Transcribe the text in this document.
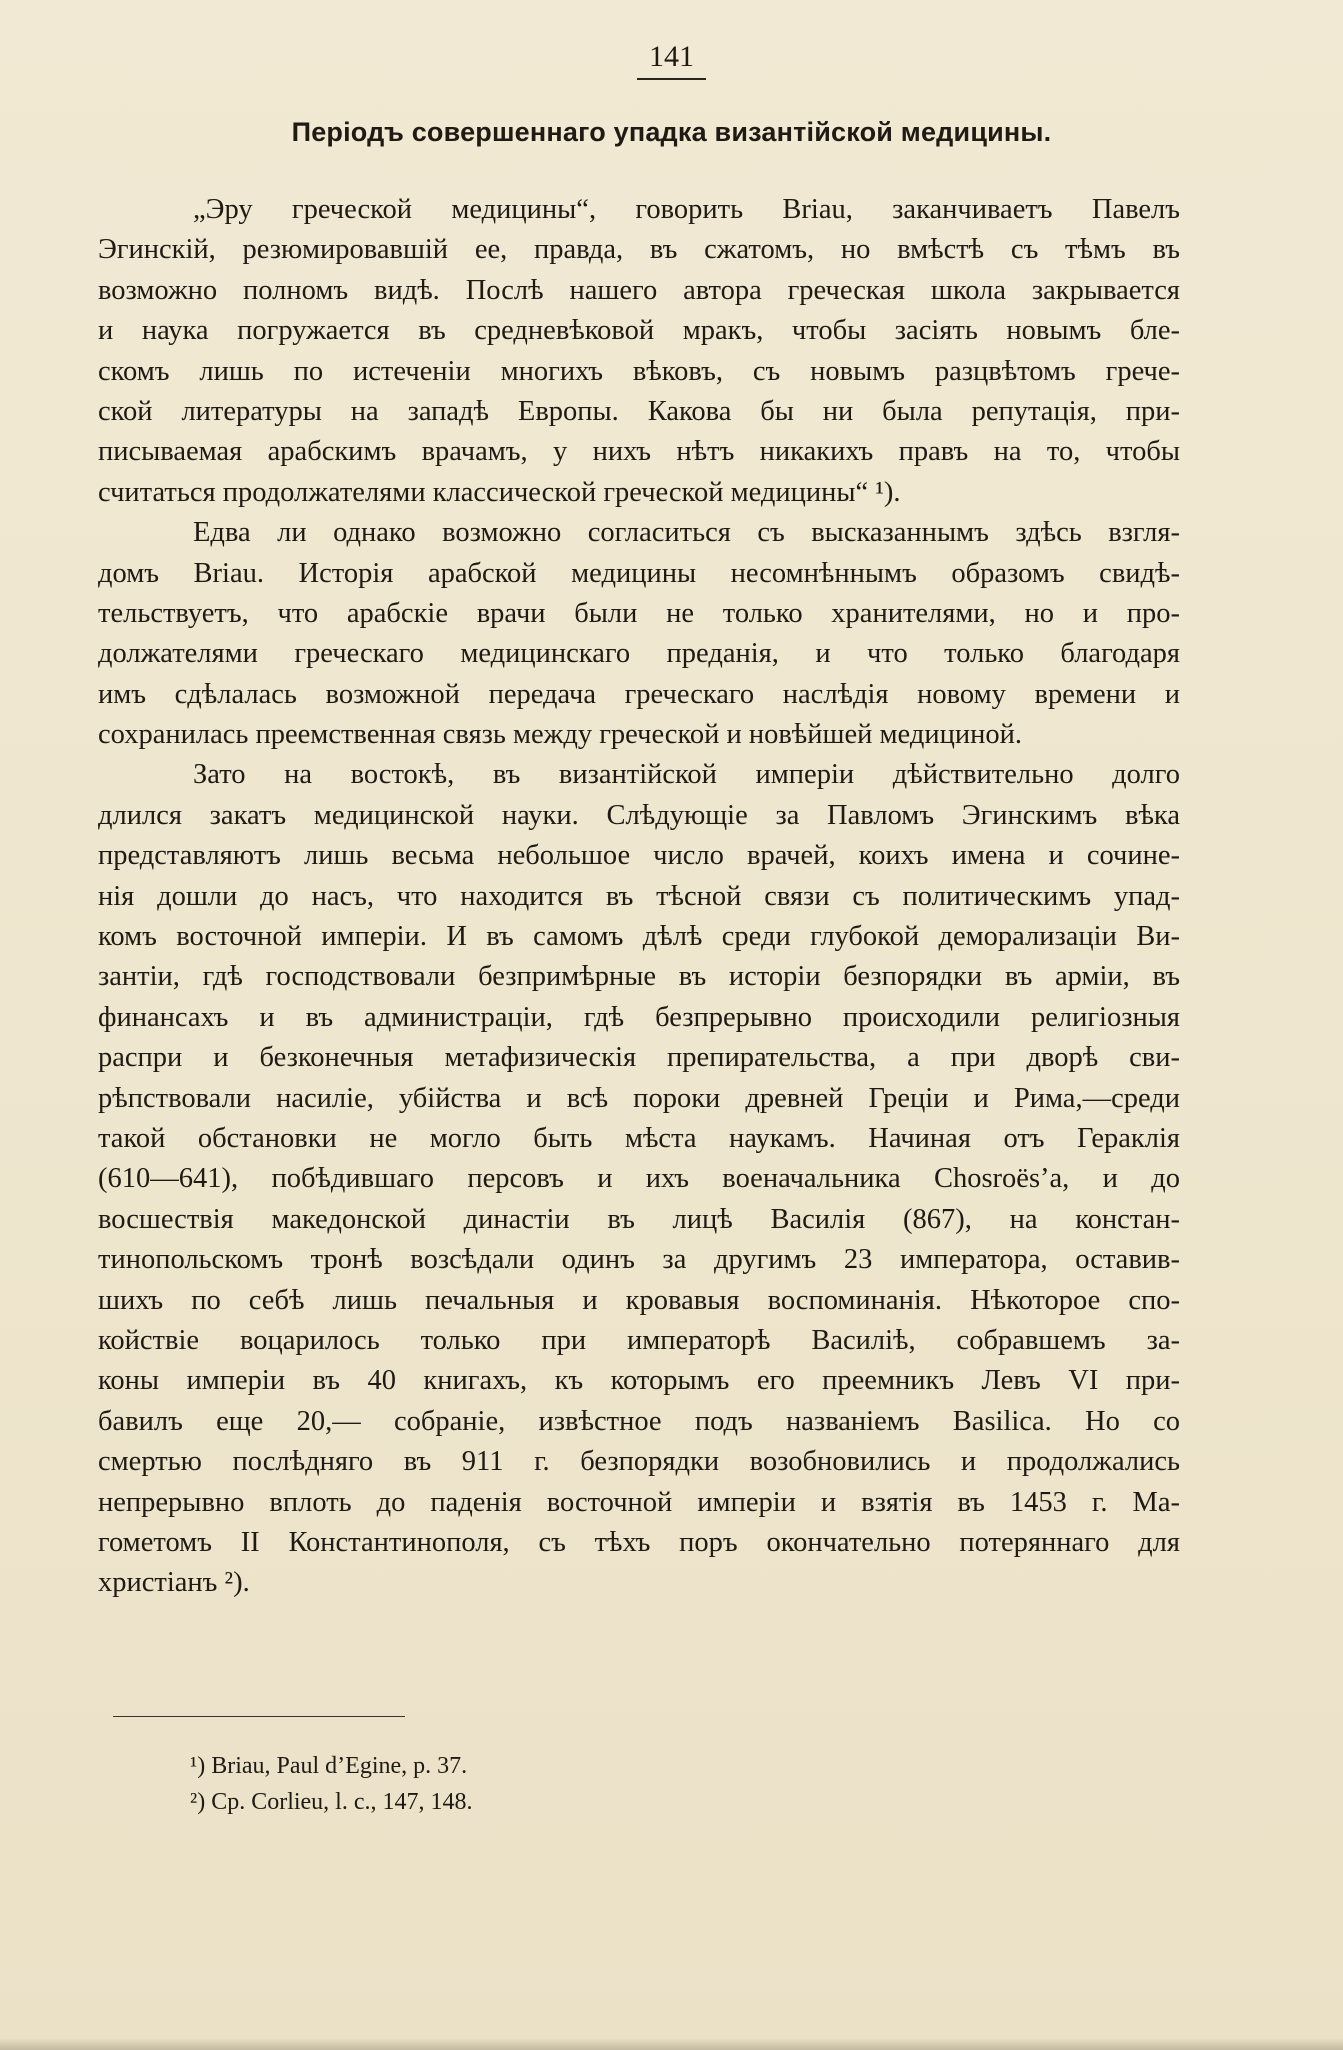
141
Періодъ совершеннаго упадка византійской медицины.
„Эру греческой медицины“, говорить Briau, заканчиваетъ Павелъ
Эгинскій, резюмировавшій ее, правда, въ сжатомъ, но вмѣстѣ съ тѣмъ въ
возможно полномъ видѣ. Послѣ нашего автора греческая школа закрывается
и наука погружается въ средневѣковой мракъ, чтобы засіять новымъ бле-
скомъ лишь по истеченіи многихъ вѣковъ, съ новымъ разцвѣтомъ грече-
ской литературы на западѣ Европы. Какова бы ни была репутація, при-
писываемая арабскимъ врачамъ, у нихъ нѣтъ никакихъ правъ на то, чтобы
считаться продолжателями классической греческой медицины“ ¹).
Едва ли однако возможно согласиться съ высказаннымъ здѣсь взгля-
домъ Briau. Исторія арабской медицины несомнѣннымъ образомъ свидѣ-
тельствуетъ, что арабскіе врачи были не только хранителями, но и про-
должателями греческаго медицинскаго преданія, и что только благодаря
имъ сдѣлалась возможной передача греческаго наслѣдія новому времени и
сохранилась преемственная связь между греческой и новѣйшей медициной.
Зато на востокѣ, въ византійской имперіи дѣйствительно долго
длился закатъ медицинской науки. Слѣдующіе за Павломъ Эгинскимъ вѣка
представляютъ лишь весьма небольшое число врачей, коихъ имена и сочине-
нія дошли до насъ, что находится въ тѣсной связи съ политическимъ упад-
комъ восточной имперіи. И въ самомъ дѣлѣ среди глубокой деморализаціи Ви-
зантіи, гдѣ господствовали безпримѣрные въ исторіи безпорядки въ арміи, въ
финансахъ и въ администраціи, гдѣ безпрерывно происходили религіозныя
распри и безконечныя метафизическія препирательства, а при дворѣ сви-
рѣпствовали насиліе, убійства и всѣ пороки древней Греціи и Рима,—среди
такой обстановки не могло быть мѣста наукамъ. Начиная отъ Гераклія
(610—641), побѣдившаго персовъ и ихъ военачальника Chosroës’а, и до
восшествія македонской династіи въ лицѣ Василія (867), на констан-
тинопольскомъ тронѣ возсѣдали одинъ за другимъ 23 императора, оставив-
шихъ по себѣ лишь печальныя и кровавыя воспоминанія. Нѣкоторое спо-
койствіе воцарилось только при императорѣ Василіѣ, собравшемъ за-
коны имперіи въ 40 книгахъ, къ которымъ его преемникъ Левъ VI при-
бавилъ еще 20,— собраніе, извѣстное подъ названіемъ Basilica. Но со
смертью послѣдняго въ 911 г. безпорядки возобновились и продолжались
непрерывно вплоть до паденія восточной имперіи и взятія въ 1453 г. Ма-
гометомъ II Константинополя, съ тѣхъ поръ окончательно потеряннаго для
христіанъ ²).
¹) Briau, Paul d’Egine, p. 37.
²) Cp. Corlieu, l. c., 147, 148.
